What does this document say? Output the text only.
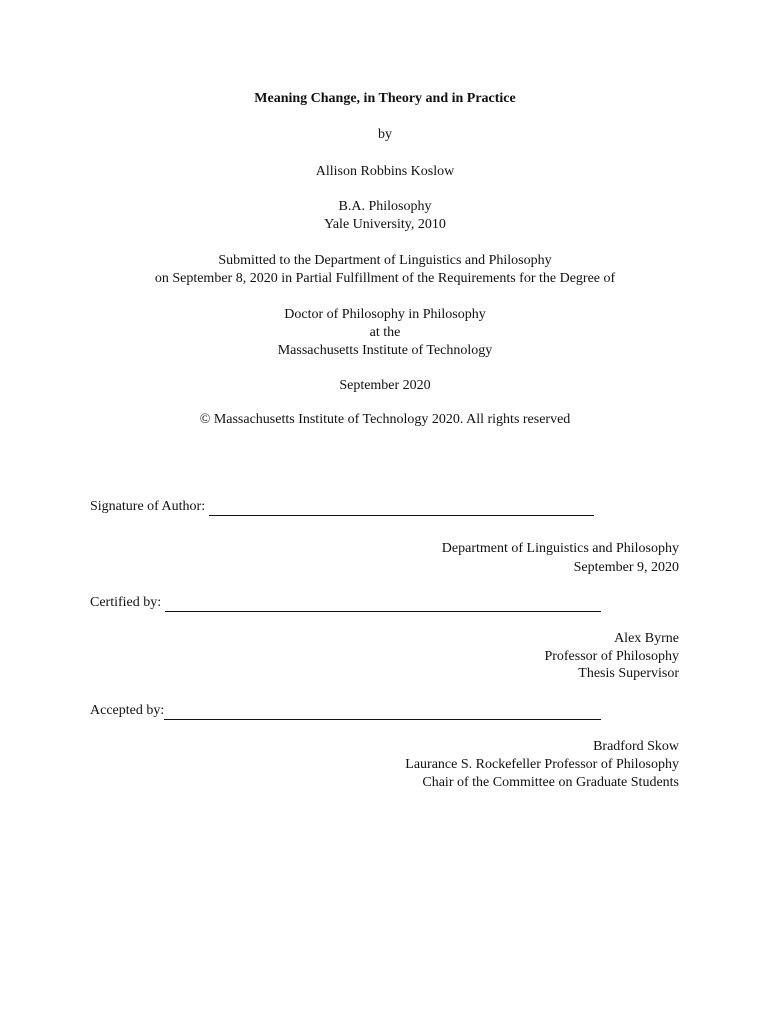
Meaning Change, in Theory and in Practice
by
Allison Robbins Koslow
B.A. Philosophy
Yale University, 2010
Submitted to the Department of Linguistics and Philosophy
on September 8, 2020 in Partial Fulfillment of the Requirements for the Degree of
Doctor of Philosophy in Philosophy
at the
Massachusetts Institute of Technology
September 2020
© Massachusetts Institute of Technology 2020. All rights reserved
Signature of Author:
Department of Linguistics and Philosophy
September 9, 2020
Certified by:
Alex Byrne
Professor of Philosophy
Thesis Supervisor
Accepted by:
Bradford Skow
Laurance S. Rockefeller Professor of Philosophy
Chair of the Committee on Graduate Students
